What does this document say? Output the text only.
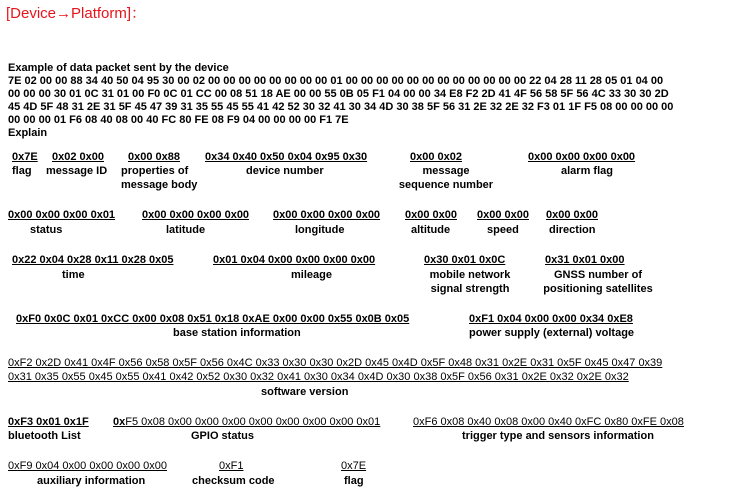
[Device→Platform]：
Example of data packet sent by the device
7E 02 00 00 88 34 40 50 04 95 30 00 02 00 00 00 00 00 00 00 00 01 00 00 00 00 00 00 00 00 00 00 00 00 22 04 28 11 28 05 01 04 00
00 00 00 30 01 0C 31 01 00 F0 0C 01 CC 00 08 51 18 AE 00 00 55 0B 05 F1 04 00 00 34 E8 F2 2D 41 4F 56 58 5F 56 4C 33 30 30 2D
45 4D 5F 48 31 2E 31 5F 45 47 39 31 35 55 45 55 41 42 52 30 32 41 30 34 4D 30 38 5F 56 31 2E 32 2E 32 F3 01 1F F5 08 00 00 00 00
00 00 00 01 F6 08 40 08 00 40 FC 80 FE 08 F9 04 00 00 00 00 F1 7E
Explain
0x7E
flag
0x02 0x00
message ID
0x00 0x88
properties of message body
0x34 0x40 0x50 0x04 0x95 0x30
device number
0x00 0x02
message sequence number
0x00 0x00 0x00 0x00
alarm flag
0x00 0x00 0x00 0x01
status
0x00 0x00 0x00 0x00
latitude
0x00 0x00 0x00 0x00
longitude
0x00 0x00
altitude
0x00 0x00
speed
0x00 0x00
direction
0x22 0x04 0x28 0x11 0x28 0x05
time
0x01 0x04 0x00 0x00 0x00 0x00
mileage
0x30 0x01 0x0C
mobile network signal strength
0x31 0x01 0x00
GNSS number of positioning satellites
0xF0 0x0C 0x01 0xCC 0x00 0x08 0x51 0x18 0xAE 0x00 0x00 0x55 0x0B 0x05
base station information
0xF1 0x04 0x00 0x00 0x34 0xE8
power supply (external) voltage
0xF2 0x2D 0x41 0x4F 0x56 0x58 0x5F 0x56 0x4C 0x33 0x30 0x30 0x2D 0x45 0x4D 0x5F 0x48 0x31 0x2E 0x31 0x5F 0x45 0x47 0x39
0x31 0x35 0x55 0x45 0x55 0x41 0x42 0x52 0x30 0x32 0x41 0x30 0x34 0x4D 0x30 0x38 0x5F 0x56 0x31 0x2E 0x32 0x2E 0x32
software version
0xF3 0x01 0x1F
bluetooth List
0xF5 0x08 0x00 0x00 0x00 0x00 0x00 0x00 0x00 0x01
GPIO status
0xF6 0x08 0x40 0x08 0x00 0x40 0xFC 0x80 0xFE 0x08
trigger type and sensors information
0xF9 0x04 0x00 0x00 0x00 0x00
auxiliary information
0xF1
checksum code
0x7E
flag
